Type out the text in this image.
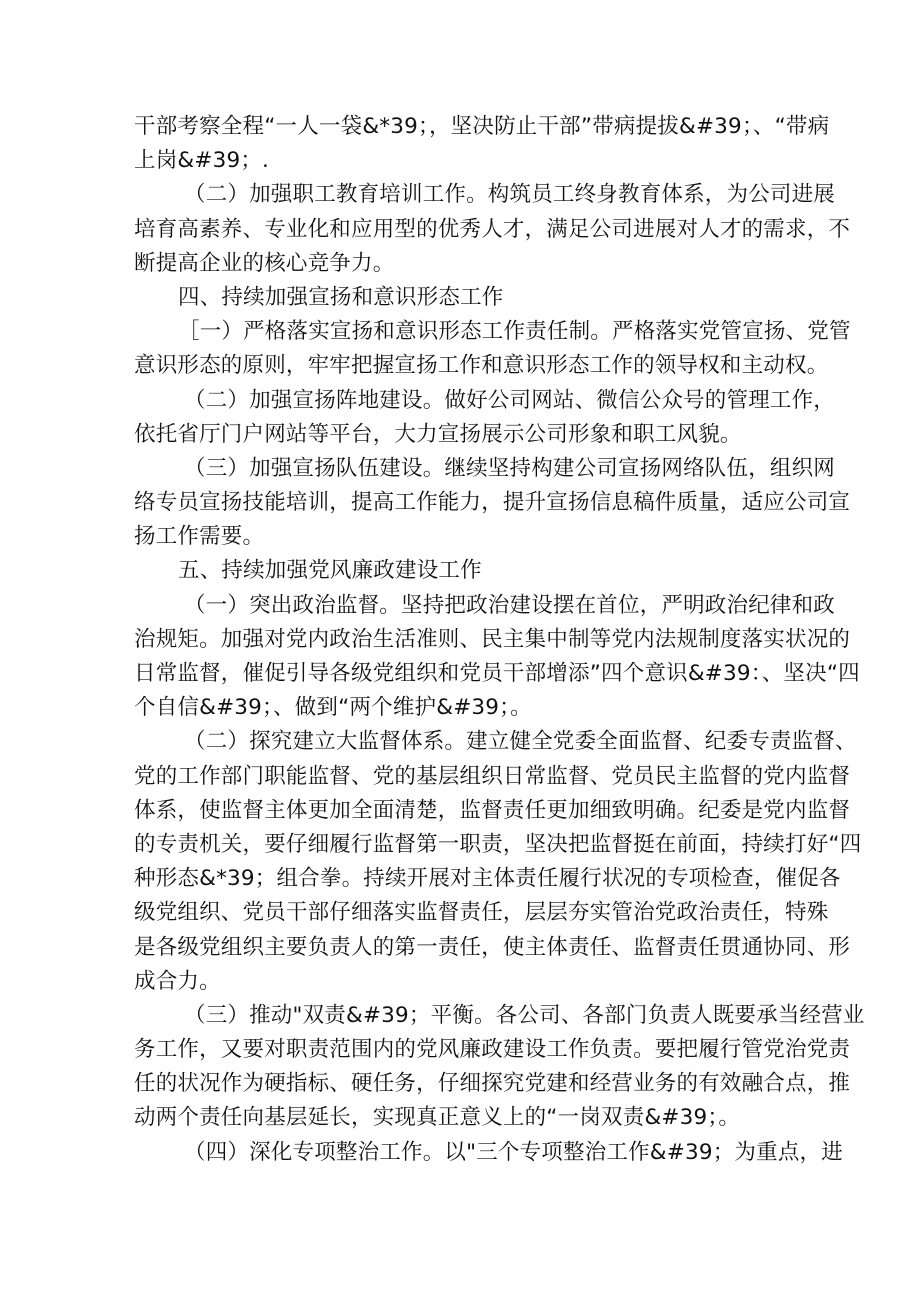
干部考察全程“一人一袋&*39；，坚决防止干部”带病提拔&#39；、“带病
上岗&#39；.
（二）加强职工教育培训工作。构筑员工终身教育体系，为公司进展
培育高素养、专业化和应用型的优秀人才，满足公司进展对人才的需求，不
断提高企业的核心竞争力。
四、持续加强宣扬和意识形态工作
［一）严格落实宣扬和意识形态工作责任制。严格落实党管宣扬、党管
意识形态的原则，牢牢把握宣扬工作和意识形态工作的领导权和主动权。
（二）加强宣扬阵地建设。做好公司网站、微信公众号的管理工作，
依托省厅门户网站等平台，大力宣扬展示公司形象和职工风貌。
（三）加强宣扬队伍建设。继续坚持构建公司宣扬网络队伍，组织网
络专员宣扬技能培训，提高工作能力，提升宣扬信息稿件质量，适应公司宣
扬工作需要。
五、持续加强党风廉政建设工作
（一）突出政治监督。坚持把政治建设摆在首位，严明政治纪律和政
治规矩。加强对党内政治生活准则、民主集中制等党内法规制度落实状况的
日常监督，催促引导各级党组织和党员干部增添”四个意识&#39：、坚决“四
个自信&#39；、做到“两个维护&#39；。
（二）探究建立大监督体系。建立健全党委全面监督、纪委专责监督、
党的工作部门职能监督、党的基层组织日常监督、党员民主监督的党内监督
体系，使监督主体更加全面清楚，监督责任更加细致明确。纪委是党内监督
的专责机关，要仔细履行监督第一职责，坚决把监督挺在前面，持续打好“四
种形态&*39；组合拳。持续开展对主体责任履行状况的专项检查，催促各
级党组织、党员干部仔细落实监督责任，层层夯实管治党政治责任，特殊
是各级党组织主要负责人的第一责任，使主体责任、监督责任贯通协同、形
成合力。
（三）推动"双责&#39；平衡。各公司、各部门负责人既要承当经营业
务工作，又要对职责范围内的党风廉政建设工作负责。要把履行管党治党责
任的状况作为硬指标、硬任务，仔细探究党建和经营业务的有效融合点，推
动两个责任向基层延长，实现真正意义上的“一岗双责&#39；。
（四）深化专项整治工作。以"三个专项整治工作&#39；为重点，进
